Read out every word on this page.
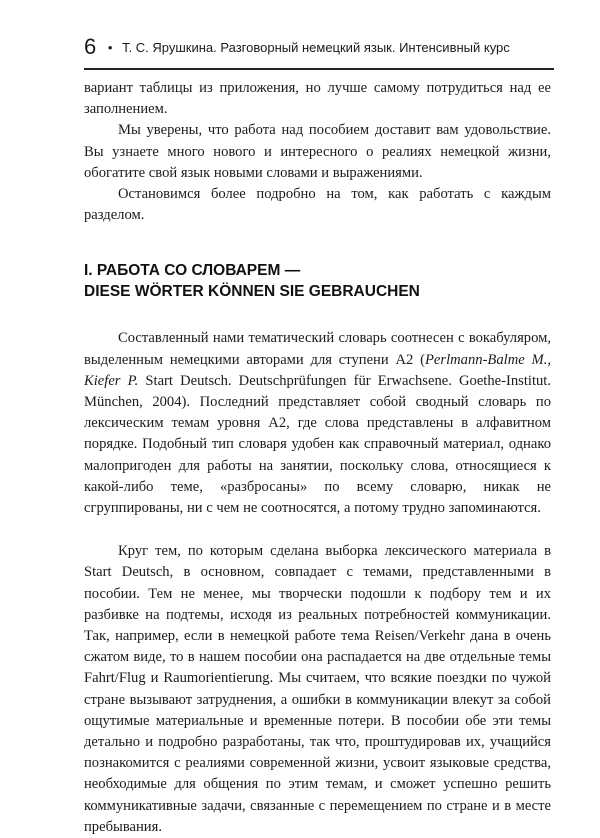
6 • Т. С. Ярушкина. Разговорный немецкий язык. Интенсивный курс

вариант таблицы из приложения, но лучше самому потрудиться над ее заполнением.

Мы уверены, что работа над пособием доставит вам удовольствие. Вы узнаете много нового и интересного о реалиях немецкой жизни, обогатите свой язык новыми словами и выражениями.

Остановимся более подробно на том, как работать с каждым разделом.

I. РАБОТА СО СЛОВАРЕМ —
DIESE WÖRTER KÖNNEN SIE GEBRAUCHEN

Составленный нами тематический словарь соотнесен с вокабуляром, выделенным немецкими авторами для ступени А2 (Perlmann-Balme M., Kiefer P. Start Deutsch. Deutschprüfungen für Erwachsene. Goethe-Institut. München, 2004). Последний представляет собой сводный словарь по лексическим темам уровня А2, где слова представлены в алфавитном порядке. Подобный тип словаря удобен как справочный материал, однако малопригоден для работы на занятии, поскольку слова, относящиеся к какой-либо теме, «разбросаны» по всему словарю, никак не сгруппированы, ни с чем не соотносятся, а потому трудно запоминаются.

Круг тем, по которым сделана выборка лексического материала в Start Deutsch, в основном, совпадает с темами, представленными в пособии. Тем не менее, мы творчески подошли к подбору тем и их разбивке на подтемы, исходя из реальных потребностей коммуникации. Так, например, если в немецкой работе тема Reisen/Verkehr дана в очень сжатом виде, то в нашем пособии она распадается на две отдельные темы Fahrt/Flug и Raumorientierung. Мы считаем, что всякие поездки по чужой стране вызывают затруднения, а ошибки в коммуникации влекут за собой ощутимые материальные и временные потери. В пособии обе эти темы детально и подробно разработаны, так что, проштудировав их, учащийся познакомится с реалиями современной жизни, усвоит языковые средства, необходимые для общения по этим темам, и сможет успешно решить коммуникативные задачи, связанные с перемещением по стране и в месте пребывания.
